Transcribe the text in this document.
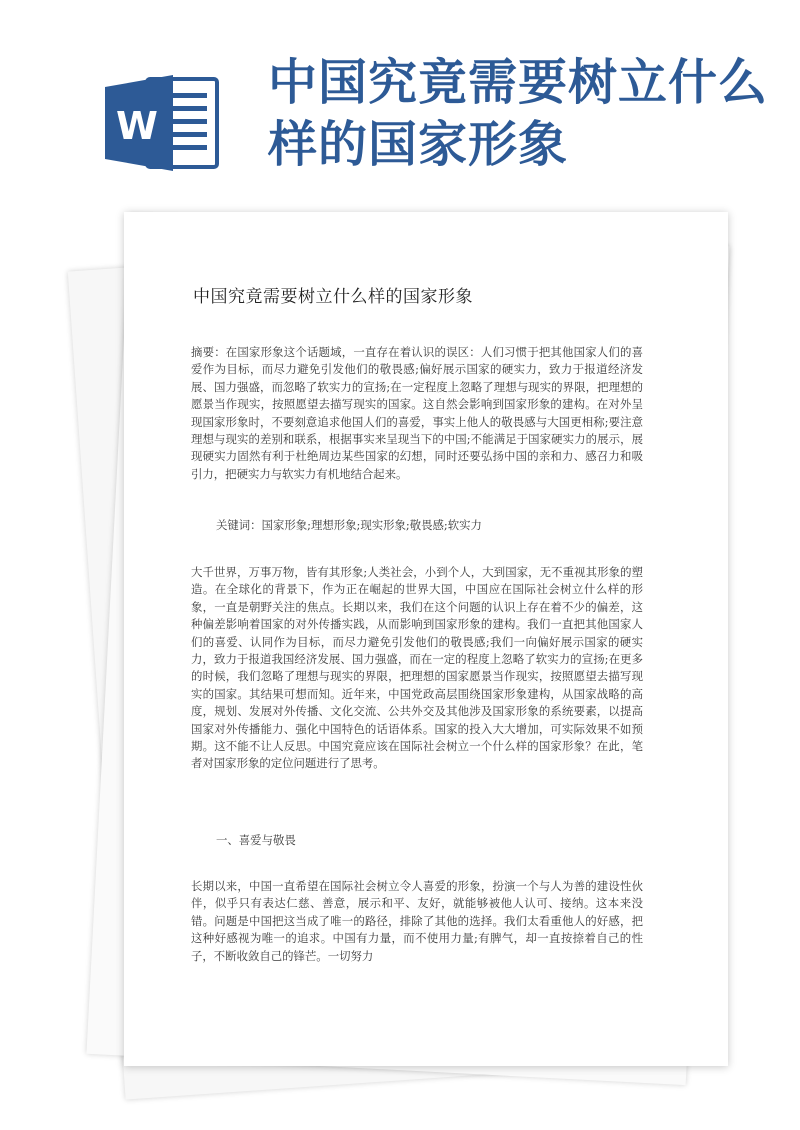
W
中国究竟需要树立什么样的国家形象
中国究竟需要树立什么样的国家形象

摘要：在国家形象这个话题域，一直存在着认识的误区：人们习惯于把其他国家人们的喜爱作为目标，而尽力避免引发他们的敬畏感;偏好展示国家的硬实力，致力于报道经济发展、国力强盛，而忽略了软实力的宣扬;在一定程度上忽略了理想与现实的界限，把理想的愿景当作现实，按照愿望去描写现实的国家。这自然会影响到国家形象的建构。在对外呈现国家形象时，不要刻意追求他国人们的喜爱，事实上他人的敬畏感与大国更相称;要注意理想与现实的差别和联系，根据事实来呈现当下的中国;不能满足于国家硬实力的展示，展现硬实力固然有利于杜绝周边某些国家的幻想，同时还要弘扬中国的亲和力、感召力和吸引力，把硬实力与软实力有机地结合起来。

关键词：国家形象;理想形象;现实形象;敬畏感;软实力

大千世界，万事万物，皆有其形象;人类社会，小到个人，大到国家，无不重视其形象的塑造。在全球化的背景下，作为正在崛起的世界大国，中国应在国际社会树立什么样的形象，一直是朝野关注的焦点。长期以来，我们在这个问题的认识上存在着不少的偏差，这种偏差影响着国家的对外传播实践，从而影响到国家形象的建构。我们一直把其他国家人们的喜爱、认同作为目标，而尽力避免引发他们的敬畏感;我们一向偏好展示国家的硬实力，致力于报道我国经济发展、国力强盛，而在一定的程度上忽略了软实力的宣扬;在更多的时候，我们忽略了理想与现实的界限，把理想的国家愿景当作现实，按照愿望去描写现实的国家。其结果可想而知。近年来，中国党政高层围绕国家形象建构，从国家战略的高度，规划、发展对外传播、文化交流、公共外交及其他涉及国家形象的系统要素，以提高国家对外传播能力、强化中国特色的话语体系。国家的投入大大增加，可实际效果不如预期。这不能不让人反思。中国究竟应该在国际社会树立一个什么样的国家形象？在此，笔者对国家形象的定位问题进行了思考。

一、喜爱与敬畏

长期以来，中国一直希望在国际社会树立令人喜爱的形象，扮演一个与人为善的建设性伙伴，似乎只有表达仁慈、善意，展示和平、友好，就能够被他人认可、接纳。这本来没错。问题是中国把这当成了唯一的路径，排除了其他的选择。我们太看重他人的好感，把这种好感视为唯一的追求。中国有力量，而不使用力量;有脾气，却一直按捺着自己的性子，不断收敛自己的锋芒。一切努力
